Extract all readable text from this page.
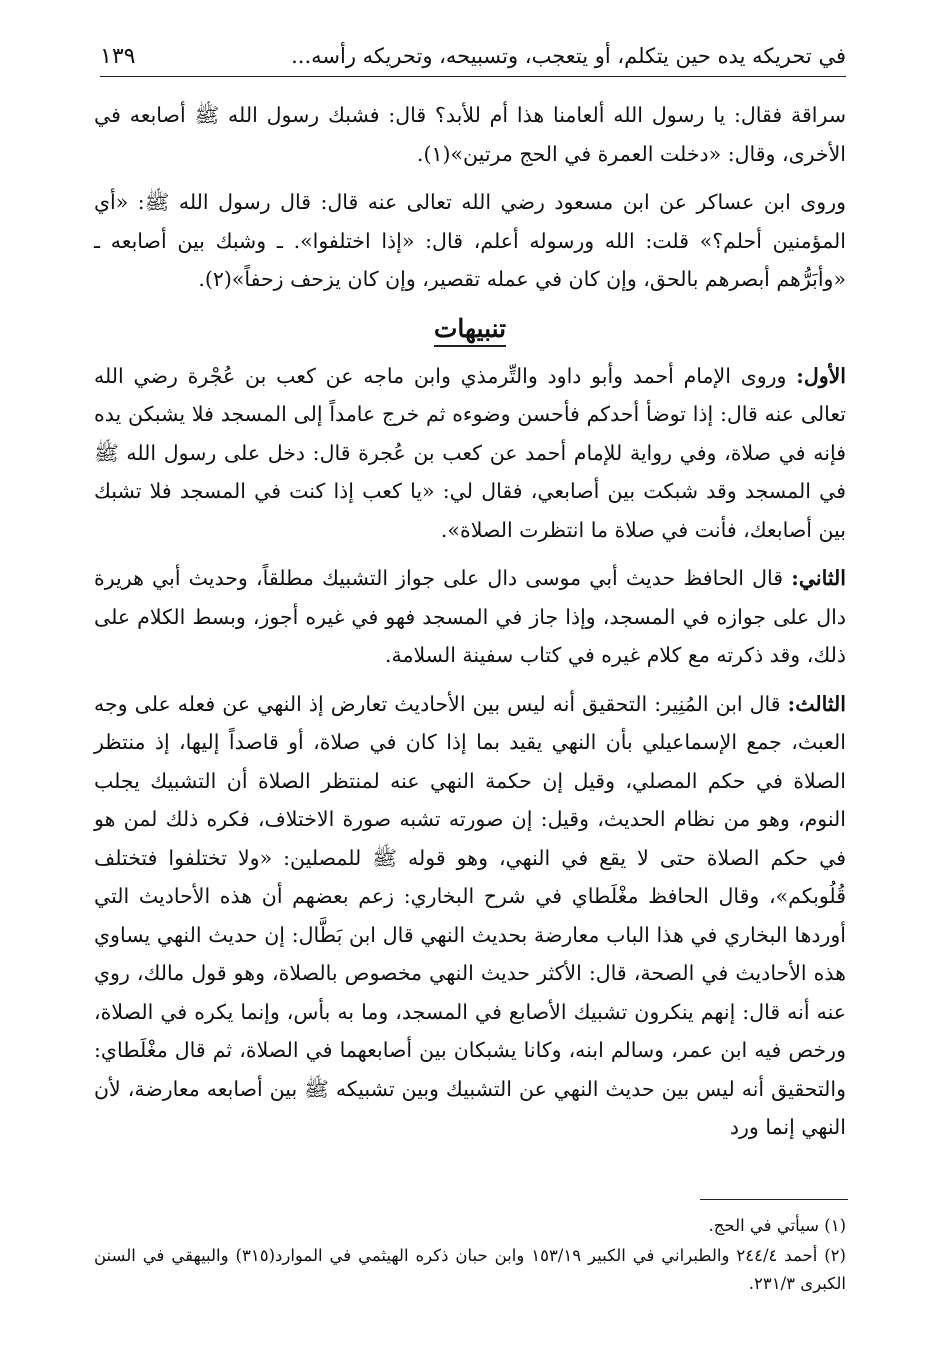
في تحريكه يده حين يتكلم، أو يتعجب، وتسبيحه، وتحريكه رأسه...
١٣٩

سراقة فقال: يا رسول الله ألعامنا هذا أم للأبد؟ قال: فشبك رسول الله ﷺ أصابعه في الأخرى، وقال: «دخلت العمرة في الحج مرتين»(١).

وروى ابن عساكر عن ابن مسعود رضي الله تعالى عنه قال: قال رسول الله ﷺ: «أي المؤمنين أحلم؟» قلت: الله ورسوله أعلم، قال: «إذا اختلفوا». ـ وشبك بين أصابعه ـ «وأبَرُّهم أبصرهم بالحق، وإن كان في عمله تقصير، وإن كان يزحف زحفاً»(٢).

تنبيهات

الأول: وروى الإمام أحمد وأبو داود والتِّرمذي وابن ماجه عن كعب بن عُجْرة رضي الله تعالى عنه قال: إذا توضأ أحدكم فأحسن وضوءه ثم خرج عامداً إلى المسجد فلا يشبكن يده فإنه في صلاة، وفي رواية للإمام أحمد عن كعب بن عُجرة قال: دخل على رسول الله ﷺ في المسجد وقد شبكت بين أصابعي، فقال لي: «يا كعب إذا كنت في المسجد فلا تشبك بين أصابعك، فأنت في صلاة ما انتظرت الصلاة».

الثاني: قال الحافظ حديث أبي موسى دال على جواز التشبيك مطلقاً، وحديث أبي هريرة دال على جوازه في المسجد، وإذا جاز في المسجد فهو في غيره أجوز، وبسط الكلام على ذلك، وقد ذكرته مع كلام غيره في كتاب سفينة السلامة.

الثالث: قال ابن المُنِير: التحقيق أنه ليس بين الأحاديث تعارض إذ النهي عن فعله على وجه العبث، جمع الإسماعيلي بأن النهي يقيد بما إذا كان في صلاة، أو قاصداً إليها، إذ منتظر الصلاة في حكم المصلي، وقيل إن حكمة النهي عنه لمنتظر الصلاة أن التشبيك يجلب النوم، وهو من نظام الحديث، وقيل: إن صورته تشبه صورة الاختلاف، فكره ذلك لمن هو في حكم الصلاة حتى لا يقع في النهي، وهو قوله ﷺ للمصلين: «ولا تختلفوا فتختلف قُلُوبكم»، وقال الحافظ مغْلَطاي في شرح البخاري: زعم بعضهم أن هذه الأحاديث التي أوردها البخاري في هذا الباب معارضة بحديث النهي قال ابن بَطَّال: إن حديث النهي يساوي هذه الأحاديث في الصحة، قال: الأكثر حديث النهي مخصوص بالصلاة، وهو قول مالك، روي عنه أنه قال: إنهم ينكرون تشبيك الأصابع في المسجد، وما به بأس، وإنما يكره في الصلاة، ورخص فيه ابن عمر، وسالم ابنه، وكانا يشبكان بين أصابعهما في الصلاة، ثم قال مغْلَطاي: والتحقيق أنه ليس بين حديث النهي عن التشبيك وبين تشبيكه ﷺ بين أصابعه معارضة، لأن النهي إنما ورد

(١) سيأتي في الحج.

(٢) أحمد ٢٤٤/٤ والطبراني في الكبير ١٥٣/١٩ وابن حبان ذكره الهيثمي في الموارد(٣١٥) والبيهقي في السنن الكبرى ٢٣١/٣.
